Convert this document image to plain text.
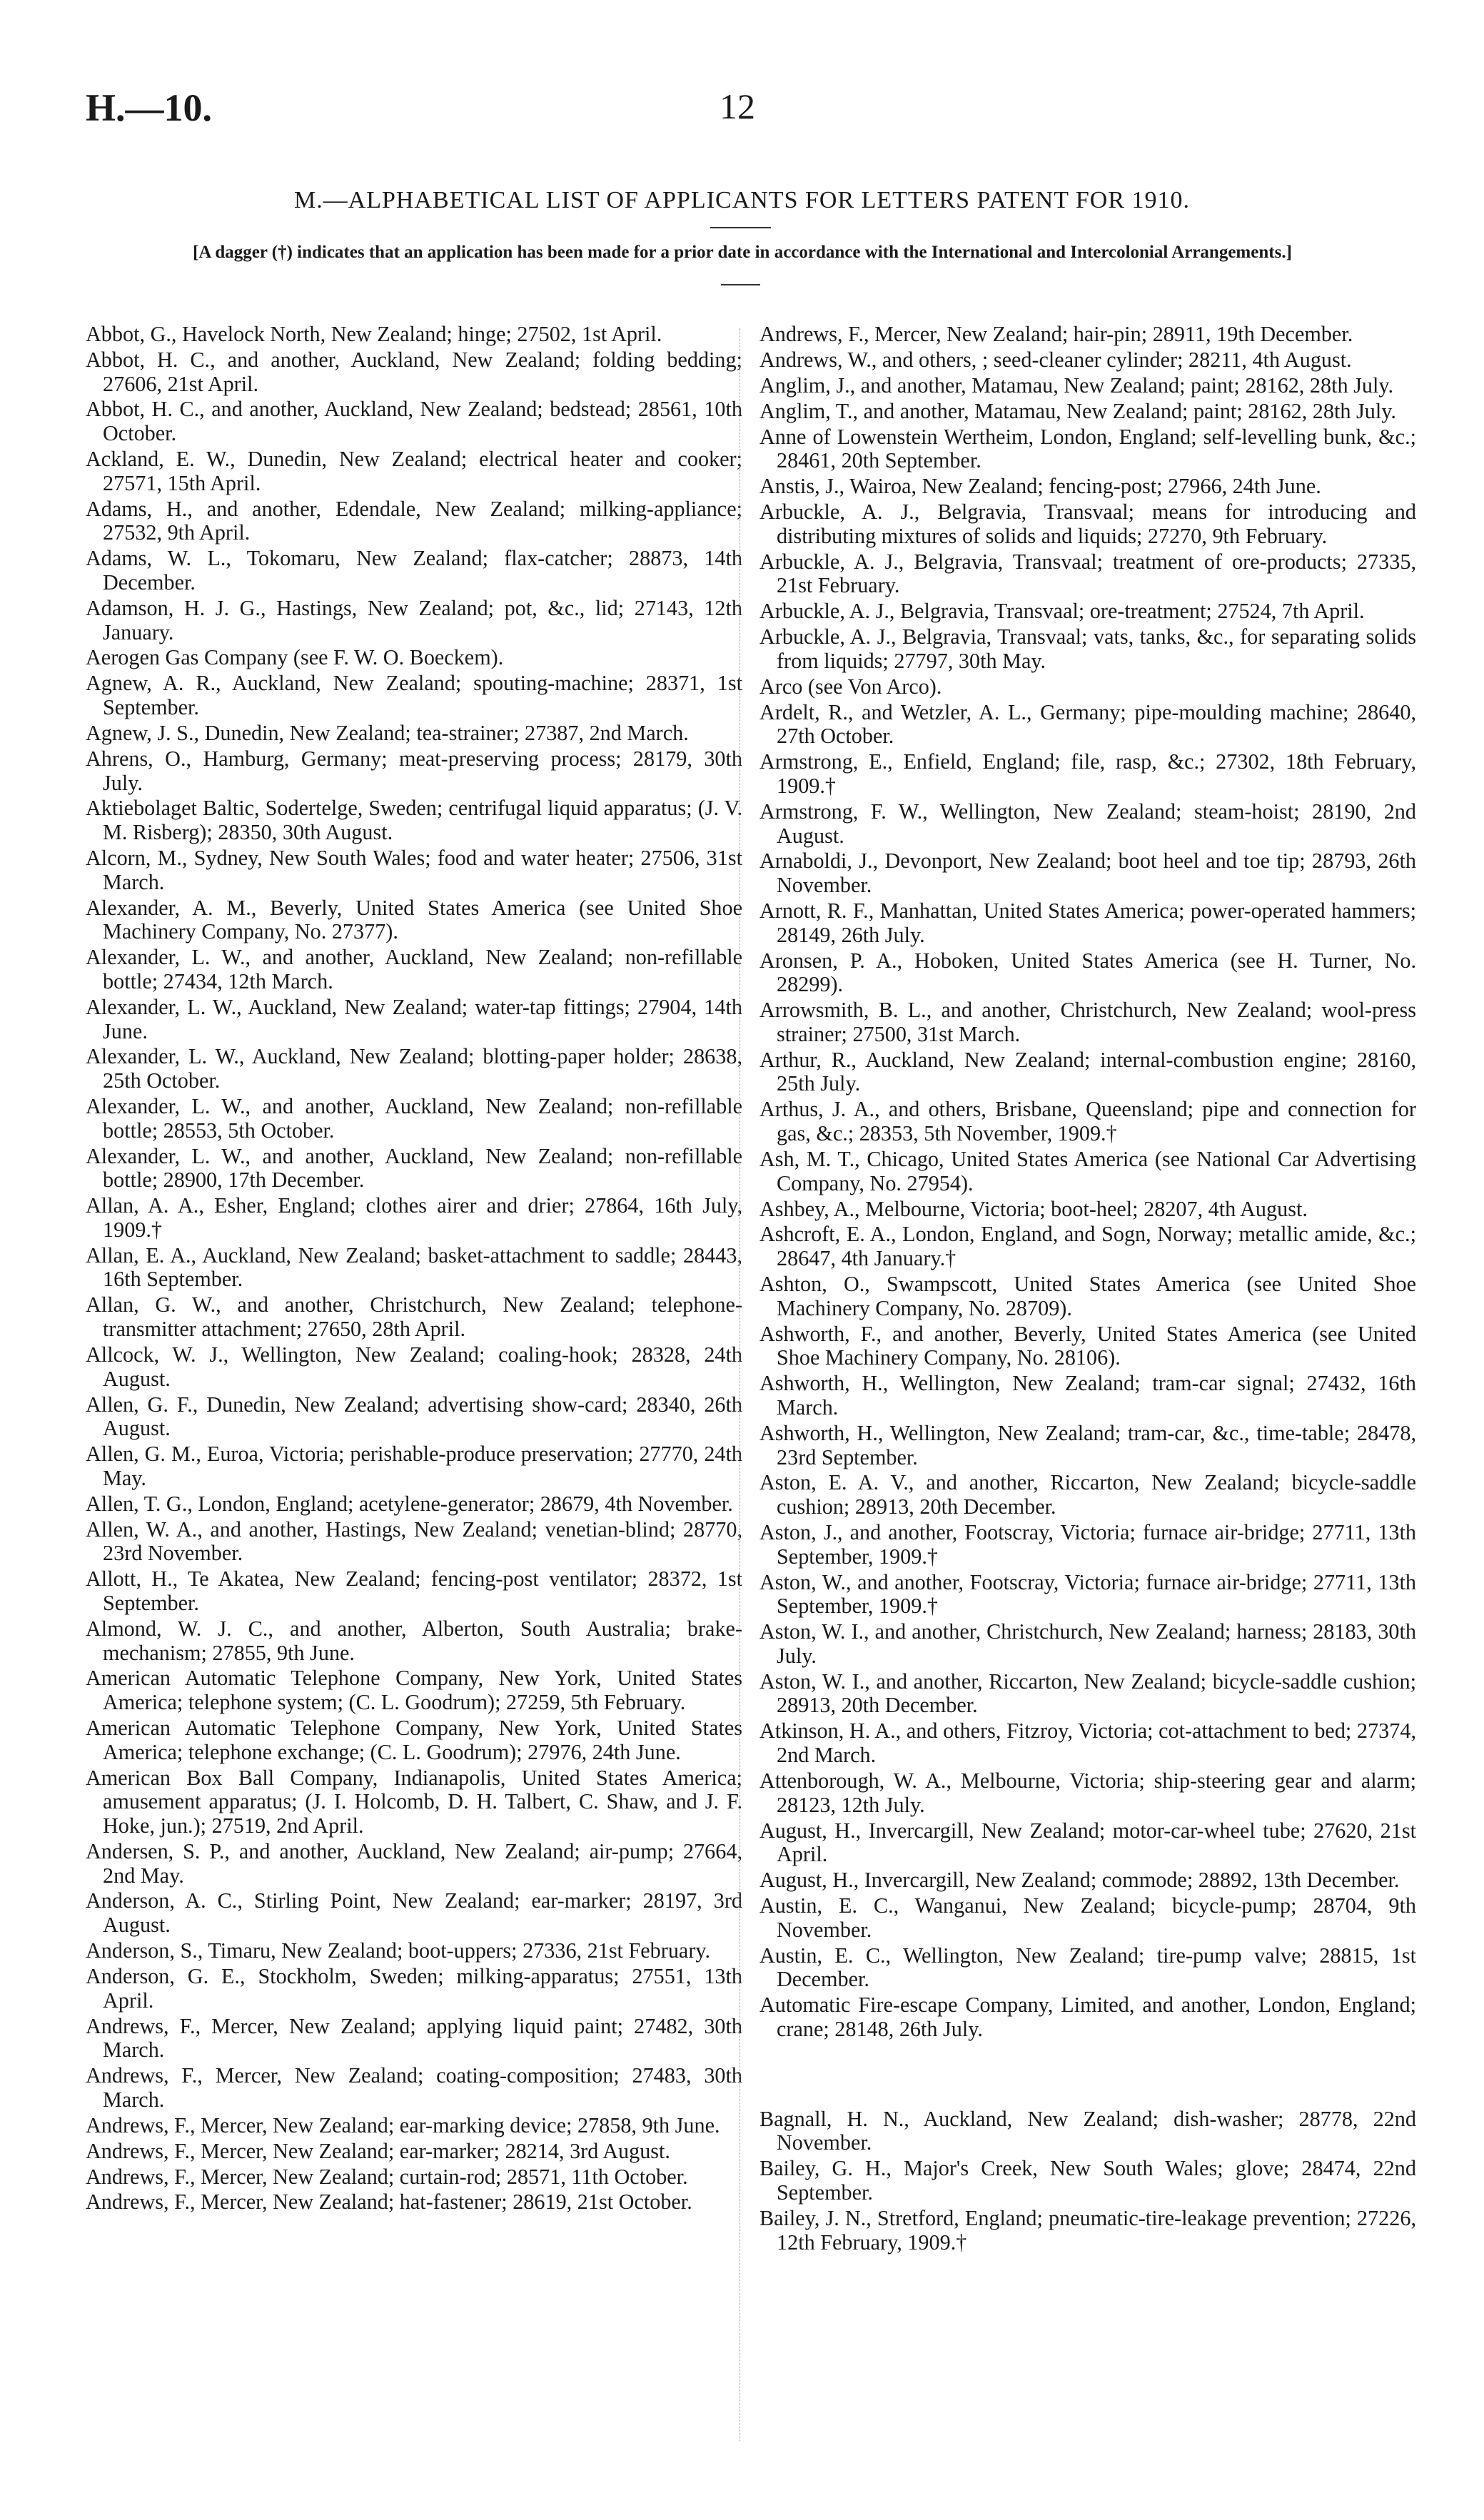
H.—10.	12
M.—ALPHABETICAL LIST OF APPLICANTS FOR LETTERS PATENT FOR 1910.
[A dagger (†) indicates that an application has been made for a prior date in accordance with the International and Intercolonial Arrangements.]

Abbot, G., Havelock North, New Zealand; hinge; 27502, 1st April.

Abbot, H. C., and another, Auckland, New Zealand; folding bedding; 27606, 21st April.

Abbot, H. C., and another, Auckland, New Zealand; bedstead; 28561, 10th October.

Ackland, E. W., Dunedin, New Zealand; electrical heater and cooker; 27571, 15th April.

Adams, H., and another, Edendale, New Zealand; milking-appliance; 27532, 9th April.

Adams, W. L., Tokomaru, New Zealand; flax-catcher; 28873, 14th December.

Adamson, H. J. G., Hastings, New Zealand; pot, &c., lid; 27143, 12th January.

Aerogen Gas Company (see F. W. O. Boeckem).

Agnew, A. R., Auckland, New Zealand; spouting-machine; 28371, 1st September.

Agnew, J. S., Dunedin, New Zealand; tea-strainer; 27387, 2nd March.

Ahrens, O., Hamburg, Germany; meat-preserving process; 28179, 30th July.

Aktiebolaget Baltic, Sodertelge, Sweden; centrifugal liquid apparatus; (J. V. M. Risberg); 28350, 30th August.

Alcorn, M., Sydney, New South Wales; food and water heater; 27506, 31st March.

Alexander, A. M., Beverly, United States America (see United Shoe Machinery Company, No. 27377).

Alexander, L. W., and another, Auckland, New Zealand; non-refillable bottle; 27434, 12th March.

Alexander, L. W., Auckland, New Zealand; water-tap fittings; 27904, 14th June.

Alexander, L. W., Auckland, New Zealand; blotting-paper holder; 28638, 25th October.

Alexander, L. W., and another, Auckland, New Zealand; non-refillable bottle; 28553, 5th October.

Alexander, L. W., and another, Auckland, New Zealand; non-refillable bottle; 28900, 17th December.

Allan, A. A., Esher, England; clothes airer and drier; 27864, 16th July, 1909.†

Allan, E. A., Auckland, New Zealand; basket-attachment to saddle; 28443, 16th September.

Allan, G. W., and another, Christchurch, New Zealand; telephone-transmitter attachment; 27650, 28th April.

Allcock, W. J., Wellington, New Zealand; coaling-hook; 28328, 24th August.

Allen, G. F., Dunedin, New Zealand; advertising show-card; 28340, 26th August.

Allen, G. M., Euroa, Victoria; perishable-produce preservation; 27770, 24th May.

Allen, T. G., London, England; acetylene-generator; 28679, 4th November.

Allen, W. A., and another, Hastings, New Zealand; venetian-blind; 28770, 23rd November.

Allott, H., Te Akatea, New Zealand; fencing-post ventilator; 28372, 1st September.

Almond, W. J. C., and another, Alberton, South Australia; brake-mechanism; 27855, 9th June.

American Automatic Telephone Company, New York, United States America; telephone system; (C. L. Goodrum); 27259, 5th February.

American Automatic Telephone Company, New York, United States America; telephone exchange; (C. L. Goodrum); 27976, 24th June.

American Box Ball Company, Indianapolis, United States America; amusement apparatus; (J. I. Holcomb, D. H. Talbert, C. Shaw, and J. F. Hoke, jun.); 27519, 2nd April.

Andersen, S. P., and another, Auckland, New Zealand; air-pump; 27664, 2nd May.

Anderson, A. C., Stirling Point, New Zealand; ear-marker; 28197, 3rd August.

Anderson, S., Timaru, New Zealand; boot-uppers; 27336, 21st February.

Anderson, G. E., Stockholm, Sweden; milking-apparatus; 27551, 13th April.

Andrews, F., Mercer, New Zealand; applying liquid paint; 27482, 30th March.

Andrews, F., Mercer, New Zealand; coating-composition; 27483, 30th March.

Andrews, F., Mercer, New Zealand; ear-marking device; 27858, 9th June.

Andrews, F., Mercer, New Zealand; ear-marker; 28214, 3rd August.

Andrews, F., Mercer, New Zealand; curtain-rod; 28571, 11th October.

Andrews, F., Mercer, New Zealand; hat-fastener; 28619, 21st October.

Andrews, F., Mercer, New Zealand; hair-pin; 28911, 19th December.

Andrews, W., and others, ; seed-cleaner cylinder; 28211, 4th August.

Anglim, J., and another, Matamau, New Zealand; paint; 28162, 28th July.

Anglim, T., and another, Matamau, New Zealand; paint; 28162, 28th July.

Anne of Lowenstein Wertheim, London, England; self-levelling bunk, &c.; 28461, 20th September.

Anstis, J., Wairoa, New Zealand; fencing-post; 27966, 24th June.

Arbuckle, A. J., Belgravia, Transvaal; means for introducing and distributing mixtures of solids and liquids; 27270, 9th February.

Arbuckle, A. J., Belgravia, Transvaal; treatment of ore-products; 27335, 21st February.

Arbuckle, A. J., Belgravia, Transvaal; ore-treatment; 27524, 7th April.

Arbuckle, A. J., Belgravia, Transvaal; vats, tanks, &c., for separating solids from liquids; 27797, 30th May.

Arco (see Von Arco).

Ardelt, R., and Wetzler, A. L., Germany; pipe-moulding machine; 28640, 27th October.

Armstrong, E., Enfield, England; file, rasp, &c.; 27302, 18th February, 1909.†

Armstrong, F. W., Wellington, New Zealand; steam-hoist; 28190, 2nd August.

Arnaboldi, J., Devonport, New Zealand; boot heel and toe tip; 28793, 26th November.

Arnott, R. F., Manhattan, United States America; power-operated hammers; 28149, 26th July.

Aronsen, P. A., Hoboken, United States America (see H. Turner, No. 28299).

Arrowsmith, B. L., and another, Christchurch, New Zealand; wool-press strainer; 27500, 31st March.

Arthur, R., Auckland, New Zealand; internal-combustion engine; 28160, 25th July.

Arthus, J. A., and others, Brisbane, Queensland; pipe and connection for gas, &c.; 28353, 5th November, 1909.†

Ash, M. T., Chicago, United States America (see National Car Advertising Company, No. 27954).

Ashbey, A., Melbourne, Victoria; boot-heel; 28207, 4th August.

Ashcroft, E. A., London, England, and Sogn, Norway; metallic amide, &c.; 28647, 4th January.†

Ashton, O., Swampscott, United States America (see United Shoe Machinery Company, No. 28709).

Ashworth, F., and another, Beverly, United States America (see United Shoe Machinery Company, No. 28106).

Ashworth, H., Wellington, New Zealand; tram-car signal; 27432, 16th March.

Ashworth, H., Wellington, New Zealand; tram-car, &c., time-table; 28478, 23rd September.

Aston, E. A. V., and another, Riccarton, New Zealand; bicycle-saddle cushion; 28913, 20th December.

Aston, J., and another, Footscray, Victoria; furnace air-bridge; 27711, 13th September, 1909.†

Aston, W., and another, Footscray, Victoria; furnace air-bridge; 27711, 13th September, 1909.†

Aston, W. I., and another, Christchurch, New Zealand; harness; 28183, 30th July.

Aston, W. I., and another, Riccarton, New Zealand; bicycle-saddle cushion; 28913, 20th December.

Atkinson, H. A., and others, Fitzroy, Victoria; cot-attachment to bed; 27374, 2nd March.

Attenborough, W. A., Melbourne, Victoria; ship-steering gear and alarm; 28123, 12th July.

August, H., Invercargill, New Zealand; motor-car-wheel tube; 27620, 21st April.

August, H., Invercargill, New Zealand; commode; 28892, 13th December.

Austin, E. C., Wanganui, New Zealand; bicycle-pump; 28704, 9th November.

Austin, E. C., Wellington, New Zealand; tire-pump valve; 28815, 1st December.

Automatic Fire-escape Company, Limited, and another, London, England; crane; 28148, 26th July.

Bagnall, H. N., Auckland, New Zealand; dish-washer; 28778, 22nd November.

Bailey, G. H., Major's Creek, New South Wales; glove; 28474, 22nd September.

Bailey, J. N., Stretford, England; pneumatic-tire-leakage prevention; 27226, 12th February, 1909.†
